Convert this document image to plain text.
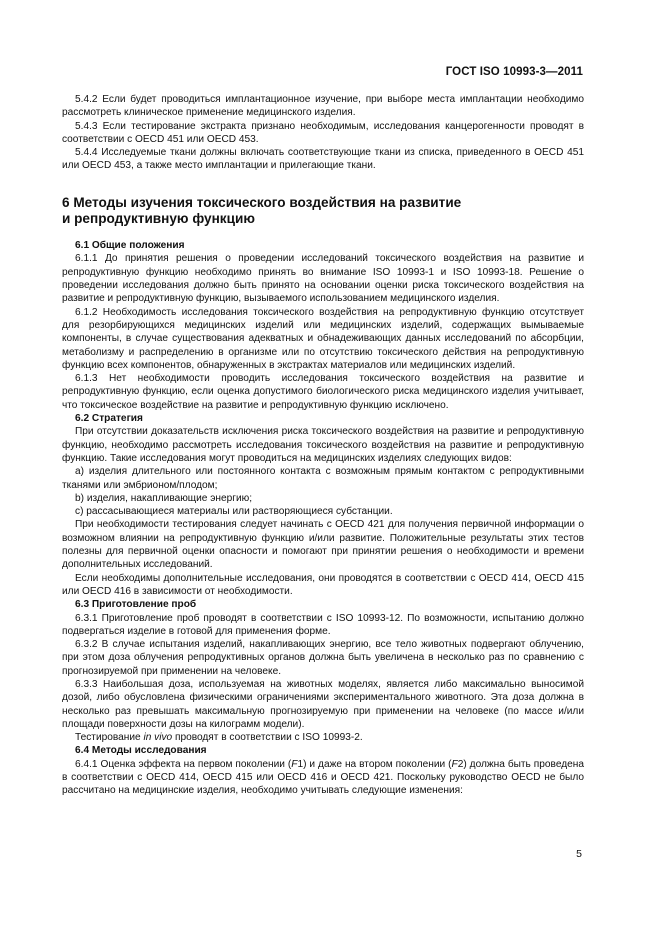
ГОСТ ISO 10993-3—2011

5.4.2 Если будет проводиться имплантационное изучение, при выборе места имплантации необходимо рассмотреть клиническое применение медицинского изделия.

5.4.3 Если тестирование экстракта признано необходимым, исследования канцерогенности проводят в соответствии с OECD 451 или OECD 453.

5.4.4 Исследуемые ткани должны включать соответствующие ткани из списка, приведенного в OECD 451 или OECD 453, а также место имплантации и прилегающие ткани.

6 Методы изучения токсического воздействия на развитие
и репродуктивную функцию

6.1 Общие положения

6.1.1 До принятия решения о проведении исследований токсического воздействия на развитие и репродуктивную функцию необходимо принять во внимание ISO 10993-1 и ISO 10993-18. Решение о проведении исследования должно быть принято на основании оценки риска токсического воздействия на развитие и репродуктивную функцию, вызываемого использованием медицинского изделия.

6.1.2 Необходимость исследования токсического воздействия на репродуктивную функцию отсутствует для резорбирующихся медицинских изделий или медицинских изделий, содержащих вымываемые компоненты, в случае существования адекватных и обнадеживающих данных исследований по абсорбции, метаболизму и распределению в организме или по отсутствию токсического действия на репродуктивную функцию всех компонентов, обнаруженных в экстрактах материалов или медицинских изделий.

6.1.3 Нет необходимости проводить исследования токсического воздействия на развитие и репродуктивную функцию, если оценка допустимого биологического риска медицинского изделия учитывает, что токсическое воздействие на развитие и репродуктивную функцию исключено.

6.2 Стратегия

При отсутствии доказательств исключения риска токсического воздействия на развитие и репродуктивную функцию, необходимо рассмотреть исследования токсического воздействия на развитие и репродуктивную функцию. Такие исследования могут проводиться на медицинских изделиях следующих видов:

a) изделия длительного или постоянного контакта с возможным прямым контактом с репродуктивными тканями или эмбрионом/плодом;

b) изделия, накапливающие энергию;

c) рассасывающиеся материалы или растворяющиеся субстанции.

При необходимости тестирования следует начинать с OECD 421 для получения первичной информации о возможном влиянии на репродуктивную функцию и/или развитие. Положительные результаты этих тестов полезны для первичной оценки опасности и помогают при принятии решения о необходимости и времени дополнительных исследований.

Если необходимы дополнительные исследования, они проводятся в соответствии с OECD 414, OECD 415 или OECD 416 в зависимости от необходимости.

6.3 Приготовление проб

6.3.1 Приготовление проб проводят в соответствии с ISO 10993-12. По возможности, испытанию должно подвергаться изделие в готовой для применения форме.

6.3.2 В случае испытания изделий, накапливающих энергию, все тело животных подвергают облучению, при этом доза облучения репродуктивных органов должна быть увеличена в несколько раз по сравнению с прогнозируемой при применении на человеке.

6.3.3 Наибольшая доза, используемая на животных моделях, является либо максимально выносимой дозой, либо обусловлена физическими ограничениями экспериментального животного. Эта доза должна в несколько раз превышать максимальную прогнозируемую при применении на человеке (по массе и/или площади поверхности дозы на килограмм модели).

Тестирование in vivo проводят в соответствии с ISO 10993-2.

6.4 Методы исследования

6.4.1 Оценка эффекта на первом поколении (F1) и даже на втором поколении (F2) должна быть проведена в соответствии с OECD 414, OECD 415 или OECD 416 и OECD 421. Поскольку руководство OECD не было рассчитано на медицинские изделия, необходимо учитывать следующие изменения:

5
